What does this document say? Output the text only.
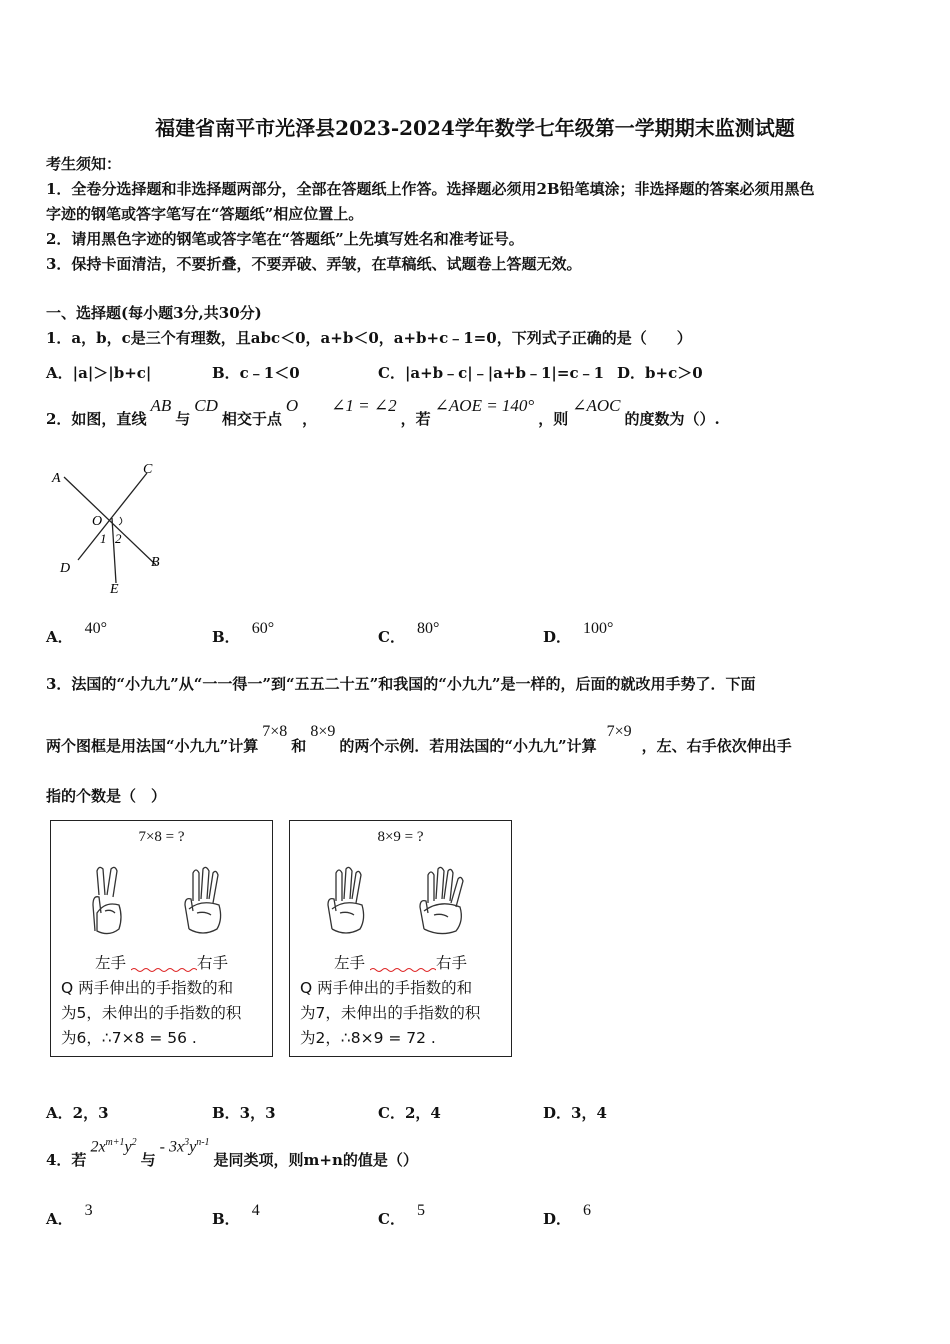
福建省南平市光泽县2023-2024学年数学七年级第一学期期末监测试题
考生须知：
1．全卷分选择题和非选择题两部分，全部在答题纸上作答。选择题必须用2B铅笔填涂；非选择题的答案必须用黑色
字迹的钢笔或答字笔写在“答题纸”相应位置上。
2．请用黑色字迹的钢笔或答字笔在“答题纸”上先填写姓名和准考证号。
3．保持卡面清洁，不要折叠，不要弄破、弄皱，在草稿纸、试题卷上答题无效。
一、选择题(每小题3分,共30分)
1．a，b，c是三个有理数，且abc＜0，a+b＜0，a+b+c﹣1=0，下列式子正确的是（　　）
A．|a|＞|b+c|	B．c﹣1＜0	C．|a+b﹣c|﹣|a+b﹣1|=c﹣1 D．b+c＞0
2．如图，直线AB与CD相交于点O，∠1 = ∠2，若∠AOE = 140°，则∠AOC的度数为（）.
A
C
O
1 2
D	B
E
A． 40°	B． 60°	C． 80°	D． 100°
3．法国的“小九九”从“一一得一”到“五五二十五”和我国的“小九九”是一样的，后面的就改用手势了．下面
两个图框是用法国“小九九”计算7×8和8×9的两个示例．若用法国的“小九九”计算7×9，左、右手依次伸出手
指的个数是（　）
7×8 = ?
左手	右手
Q 两手伸出的手指数的和
为5，未伸出的手指数的积
为6，∴7×8 = 56 .
8×9 = ?
左手	右手
Q 两手伸出的手指数的和
为7，未伸出的手指数的积
为2，∴8×9 = 72 .
A．2，3	B．3，3	C．2，4	D．3，4
4．若$2x^{m+1}y^2$与- $3x^3y^{n-1}$是同类项，则m+n的值是（）
A． 3	B． 4	C． 5	D． 6
